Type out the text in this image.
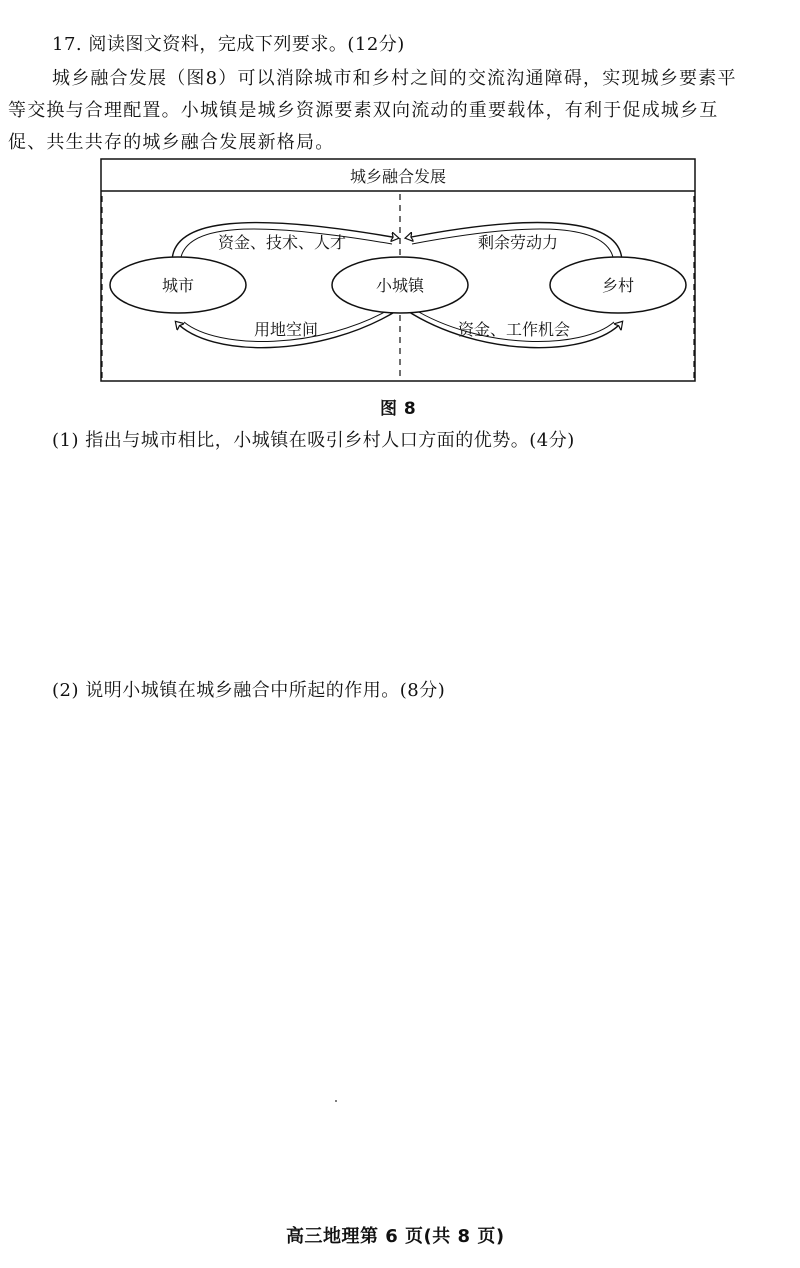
17. 阅读图文资料，完成下列要求。(12分)
城乡融合发展（图8）可以消除城市和乡村之间的交流沟通障碍，实现城乡要素平
等交换与合理配置。小城镇是城乡资源要素双向流动的重要载体，有利于促成城乡互
促、共生共存的城乡融合发展新格局。
城乡融合发展
城市	小城镇	乡村
资金、技术、人才
用地空间
剩余劳动力
资金、工作机会
图 8
(1) 指出与城市相比，小城镇在吸引乡村人口方面的优势。(4分)
(2) 说明小城镇在城乡融合中所起的作用。(8分)
高三地理第 6 页(共 8 页)
